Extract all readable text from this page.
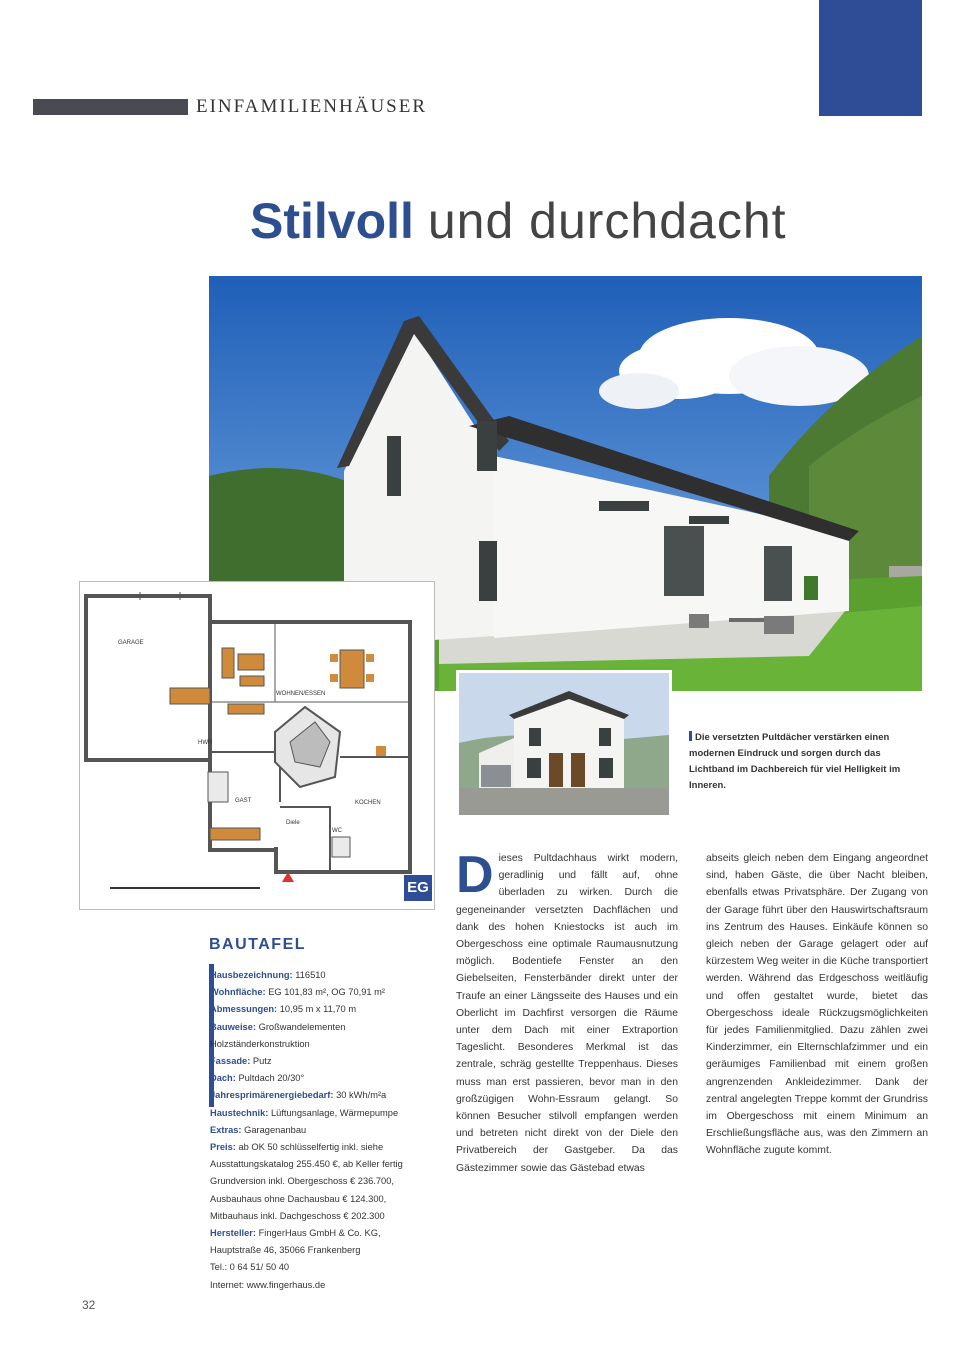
EINFAMILIENHÄUSER
Stilvoll und durchdacht
GARAGE
WOHNEN/ESSEN
HWR
GAST	KOCHEN
WC
Diele
EG
Die versetzten Pultdächer verstärken einen modernen Eindruck und sorgen durch das Lichtband im Dachbereich für viel Helligkeit im Inneren.
BAUTAFEL
Hausbezeichnung: 116510
Wohnfläche: EG 101,83 m², OG 70,91 m²
Abmessungen: 10,95 m x 11,70 m
Bauweise: Großwandelementen
Holzständerkonstruktion
Fassade: Putz
Dach: Pultdach 20/30°
Jahresprimärenergiebedarf: 30 kWh/m²a
Haustechnik: Lüftungsanlage, Wärmepumpe
Extras: Garagenanbau
Preis: ab OK 50 schlüsselfertig inkl. siehe
Ausstattungskatalog 255.450 €, ab Keller fertig
Grundversion inkl. Obergeschoss € 236.700,
Ausbauhaus ohne Dachausbau € 124.300,
Mitbauhaus inkl. Dachgeschoss € 202.300
Hersteller: FingerHaus GmbH & Co. KG,
Hauptstraße 46, 35066 Frankenberg
Tel.: 0 64 51/ 50 40
Internet: www.fingerhaus.de
Dieses Pultdachhaus wirkt modern, geradlinig und fällt auf, ohne überladen zu wirken. Durch die gegeneinander versetzten Dachflächen und dank des hohen Kniestocks ist auch im Obergeschoss eine optimale Raumausnutzung möglich. Bodentiefe Fenster an den Giebelseiten, Fensterbänder direkt unter der Traufe an einer Längsseite des Hauses und ein Oberlicht im Dachfirst versorgen die Räume unter dem Dach mit einer Extraportion Tageslicht. Besonderes Merkmal ist das zentrale, schräg gestellte Treppenhaus. Dieses muss man erst passieren, bevor man in den großzügigen Wohn-Essraum gelangt. So können Besucher stilvoll empfangen werden und betreten nicht direkt von der Diele den Privatbereich der Gastgeber. Da das Gästezimmer sowie das Gästebad etwas
abseits gleich neben dem Eingang angeordnet sind, haben Gäste, die über Nacht bleiben, ebenfalls etwas Privatsphäre. Der Zugang von der Garage führt über den Hauswirtschaftsraum ins Zentrum des Hauses. Einkäufe können so gleich neben der Garage gelagert oder auf kürzestem Weg weiter in die Küche transportiert werden. Während das Erdgeschoss weitläufig und offen gestaltet wurde, bietet das Obergeschoss ideale Rückzugsmöglichkeiten für jedes Familienmitglied. Dazu zählen zwei Kinderzimmer, ein Elternschlafzimmer und ein geräumiges Familienbad mit einem großen angrenzenden Ankleidezimmer. Dank der zentral angelegten Treppe kommt der Grundriss im Obergeschoss mit einem Minimum an Erschließungsfläche aus, was den Zimmern an Wohnfläche zugute kommt.
32
